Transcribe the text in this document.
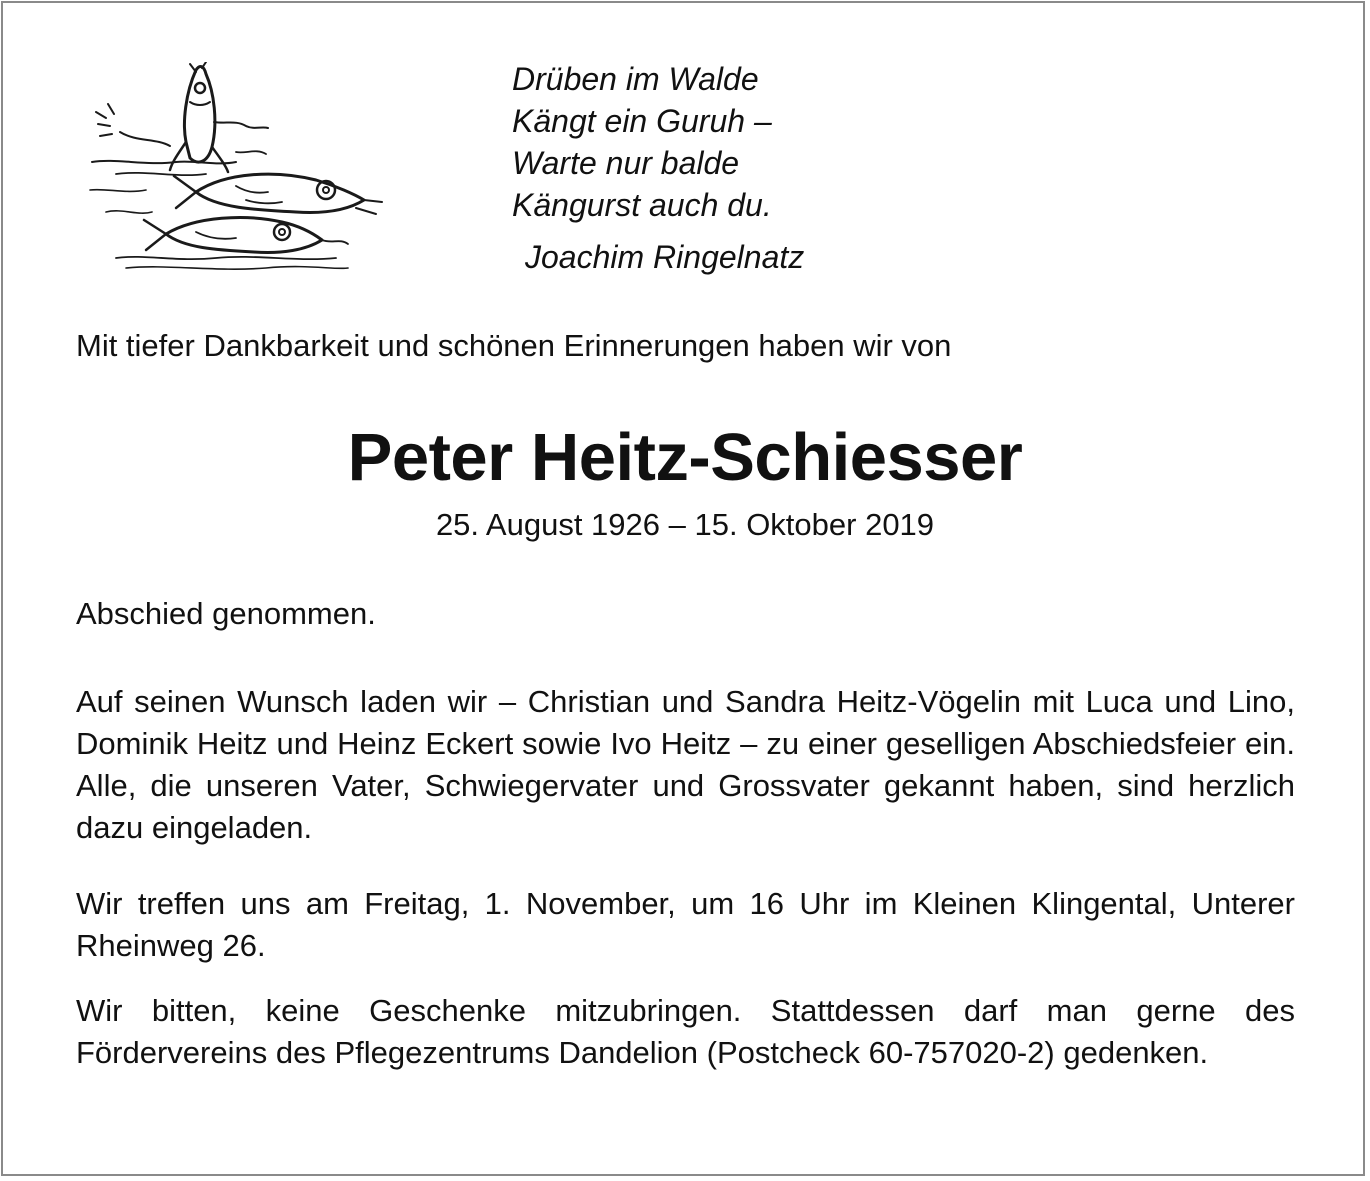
Drüben im Walde
Kängt ein Guruh –
Warte nur balde
Kängurst auch du.
Joachim Ringelnatz
Mit tiefer Dankbarkeit und schönen Erinnerungen haben wir von
Peter Heitz-Schiesser
25. August 1926 – 15. Oktober 2019
Abschied genommen.
Auf seinen Wunsch laden wir – Christian und Sandra Heitz-Vögelin mit Luca und Lino, Dominik Heitz und Heinz Eckert sowie Ivo Heitz – zu einer geselligen Abschiedsfeier ein. Alle, die unseren Vater, Schwiegervater und Grossvater gekannt haben, sind herzlich dazu eingeladen.
Wir treffen uns am Freitag, 1. November, um 16 Uhr im Kleinen Klingental, Unterer Rheinweg 26.
Wir bitten, keine Geschenke mitzubringen. Stattdessen darf man gerne des Fördervereins des Pflegezentrums Dandelion (Postcheck 60-757020-2) gedenken.
